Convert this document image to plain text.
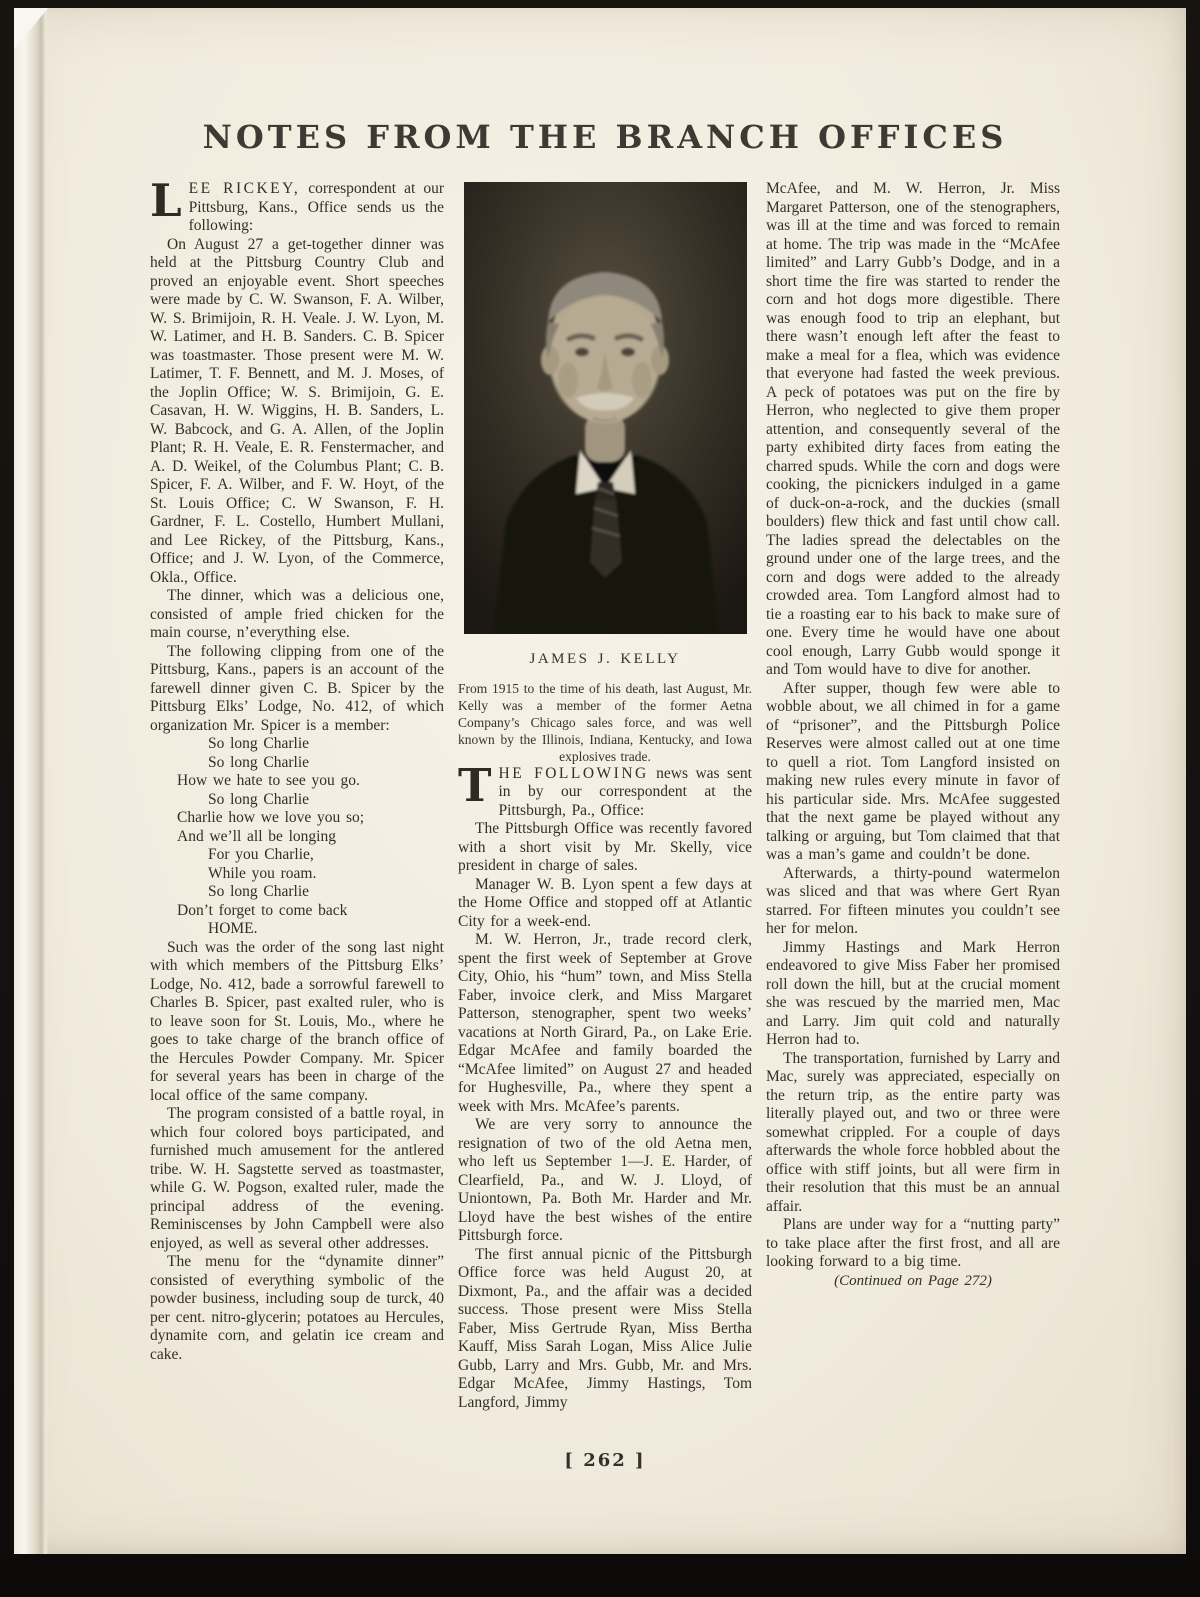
NOTES FROM THE BRANCH OFFICES

LEE RICKEY, correspondent at our Pittsburg, Kans., Office sends us the following:

On August 27 a get-together dinner was held at the Pittsburg Country Club and proved an enjoyable event. Short speeches were made by C. W. Swanson, F. A. Wilber, W. S. Brimijoin, R. H. Veale. J. W. Lyon, M. W. Latimer, and H. B. Sanders. C. B. Spicer was toastmaster. Those present were M. W. Latimer, T. F. Bennett, and M. J. Moses, of the Joplin Office; W. S. Brimijoin, G. E. Casavan, H. W. Wiggins, H. B. Sanders, L. W. Babcock, and G. A. Allen, of the Joplin Plant; R. H. Veale, E. R. Fenstermacher, and A. D. Weikel, of the Columbus Plant; C. B. Spicer, F. A. Wilber, and F. W. Hoyt, of the St. Louis Office; C. W Swanson, F. H. Gardner, F. L. Costello, Humbert Mullani, and Lee Rickey, of the Pittsburg, Kans., Office; and J. W. Lyon, of the Commerce, Okla., Office.

The dinner, which was a delicious one, consisted of ample fried chicken for the main course, n’everything else.

The following clipping from one of the Pittsburg, Kans., papers is an account of the farewell dinner given C. B. Spicer by the Pittsburg Elks’ Lodge, No. 412, of which organization Mr. Spicer is a member:

So long Charlie
So long Charlie
How we hate to see you go.
So long Charlie
Charlie how we love you so;
And we’ll all be longing
For you Charlie,
While you roam.
So long Charlie
Don’t forget to come back
HOME.

Such was the order of the song last night with which members of the Pittsburg Elks’ Lodge, No. 412, bade a sorrowful farewell to Charles B. Spicer, past exalted ruler, who is to leave soon for St. Louis, Mo., where he goes to take charge of the branch office of the Hercules Powder Company. Mr. Spicer for several years has been in charge of the local office of the same company.

The program consisted of a battle royal, in which four colored boys participated, and furnished much amusement for the antlered tribe. W. H. Sagstette served as toastmaster, while G. W. Pogson, exalted ruler, made the principal address of the evening. Reminiscenses by John Campbell were also enjoyed, as well as several other addresses.

The menu for the “dynamite dinner” consisted of everything symbolic of the powder business, including soup de turck, 40 per cent. nitro-glycerin; potatoes au Hercules, dynamite corn, and gelatin ice cream and cake.

JAMES J. KELLY
From 1915 to the time of his death, last August, Mr. Kelly was a member of the former Aetna Company’s Chicago sales force, and was well known by the Illinois, Indiana, Kentucky, and Iowa explosives trade.

THE FOLLOWING news was sent in by our correspondent at the Pittsburgh, Pa., Office:

The Pittsburgh Office was recently favored with a short visit by Mr. Skelly, vice president in charge of sales.

Manager W. B. Lyon spent a few days at the Home Office and stopped off at Atlantic City for a week-end.

M. W. Herron, Jr., trade record clerk, spent the first week of September at Grove City, Ohio, his “hum” town, and Miss Stella Faber, invoice clerk, and Miss Margaret Patterson, stenographer, spent two weeks’ vacations at North Girard, Pa., on Lake Erie. Edgar McAfee and family boarded the “McAfee limited” on August 27 and headed for Hughesville, Pa., where they spent a week with Mrs. McAfee’s parents.

We are very sorry to announce the resignation of two of the old Aetna men, who left us September 1—J. E. Harder, of Clearfield, Pa., and W. J. Lloyd, of Uniontown, Pa. Both Mr. Harder and Mr. Lloyd have the best wishes of the entire Pittsburgh force.

The first annual picnic of the Pittsburgh Office force was held August 20, at Dixmont, Pa., and the affair was a decided success. Those present were Miss Stella Faber, Miss Gertrude Ryan, Miss Bertha Kauff, Miss Sarah Logan, Miss Alice Julie Gubb, Larry and Mrs. Gubb, Mr. and Mrs. Edgar McAfee, Jimmy Hastings, Tom Langford, Jimmy

McAfee, and M. W. Herron, Jr. Miss Margaret Patterson, one of the stenographers, was ill at the time and was forced to remain at home. The trip was made in the “McAfee limited” and Larry Gubb’s Dodge, and in a short time the fire was started to render the corn and hot dogs more digestible. There was enough food to trip an elephant, but there wasn’t enough left after the feast to make a meal for a flea, which was evidence that everyone had fasted the week previous. A peck of potatoes was put on the fire by Herron, who neglected to give them proper attention, and consequently several of the party exhibited dirty faces from eating the charred spuds. While the corn and dogs were cooking, the picnickers indulged in a game of duck-on-a-rock, and the duckies (small boulders) flew thick and fast until chow call. The ladies spread the delectables on the ground under one of the large trees, and the corn and dogs were added to the already crowded area. Tom Langford almost had to tie a roasting ear to his back to make sure of one. Every time he would have one about cool enough, Larry Gubb would sponge it and Tom would have to dive for another.

After supper, though few were able to wobble about, we all chimed in for a game of “prisoner”, and the Pittsburgh Police Reserves were almost called out at one time to quell a riot. Tom Langford insisted on making new rules every minute in favor of his particular side. Mrs. McAfee suggested that the next game be played without any talking or arguing, but Tom claimed that that was a man’s game and couldn’t be done.

Afterwards, a thirty-pound watermelon was sliced and that was where Gert Ryan starred. For fifteen minutes you couldn’t see her for melon.

Jimmy Hastings and Mark Herron endeavored to give Miss Faber her promised roll down the hill, but at the crucial moment she was rescued by the married men, Mac and Larry. Jim quit cold and naturally Herron had to.

The transportation, furnished by Larry and Mac, surely was appreciated, especially on the return trip, as the entire party was literally played out, and two or three were somewhat crippled. For a couple of days afterwards the whole force hobbled about the office with stiff joints, but all were firm in their resolution that this must be an annual affair.

Plans are under way for a “nutting party” to take place after the first frost, and all are looking forward to a big time.

(Continued on Page 272)

[ 262 ]
